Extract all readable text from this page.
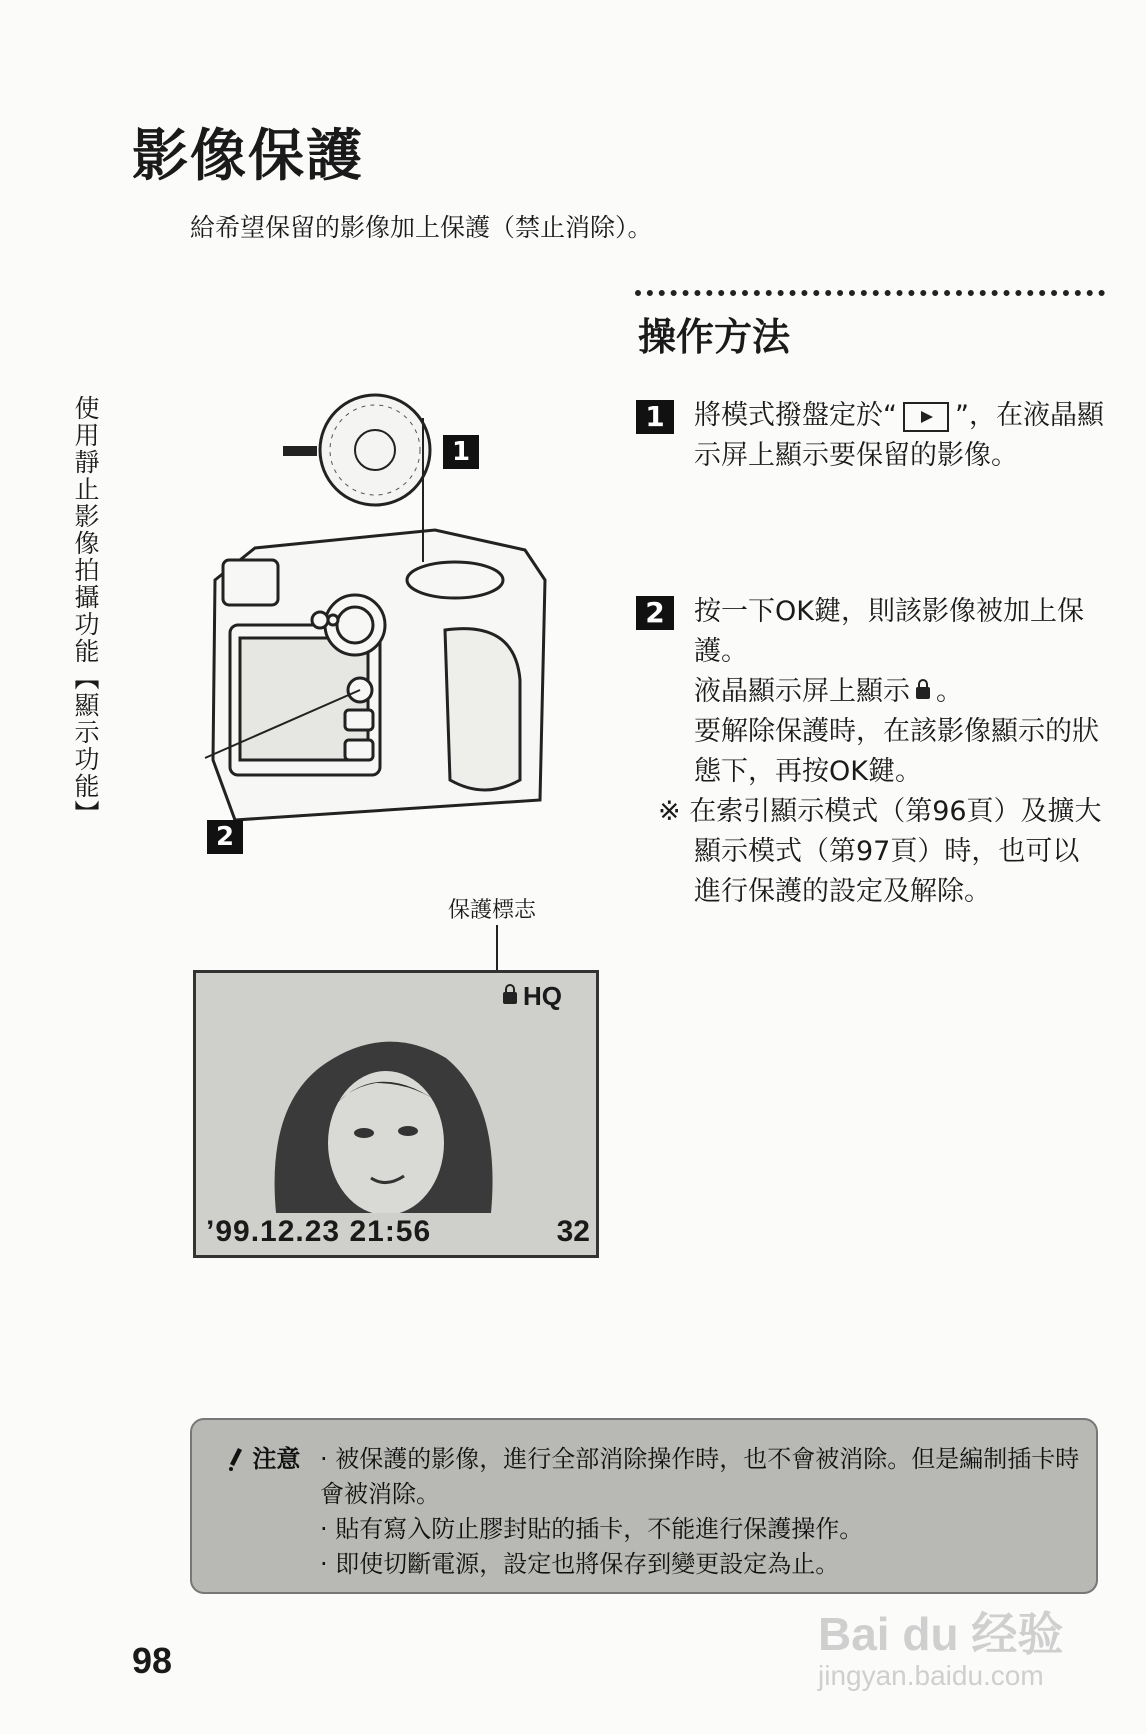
影像保護
給希望保留的影像加上保護（禁止消除）。
使用靜止影像拍攝功能【顯示功能】
操作方法
1	將模式撥盤定於“ ”，在液晶顯示屏上顯示要保留的影像。
2	按一下OK鍵，則該影像被加上保護。

液晶顯示屏上顯示 。

要解除保護時，在該影像顯示的狀態下，再按OK鍵。

※ 在索引顯示模式（第96頁）及擴大顯示模式（第97頁）時，也可以進行保護的設定及解除。

1
2
保護標志
HQ
’99.12.23 21:56	32
注意 · 被保護的影像，進行全部消除操作時，也不會被消除。但是編制插卡時會被消除。
· 貼有寫入防止膠封貼的插卡，不能進行保護操作。
· 即使切斷電源，設定也將保存到變更設定為止。
98
Bai du 经验
jingyan.baidu.com
